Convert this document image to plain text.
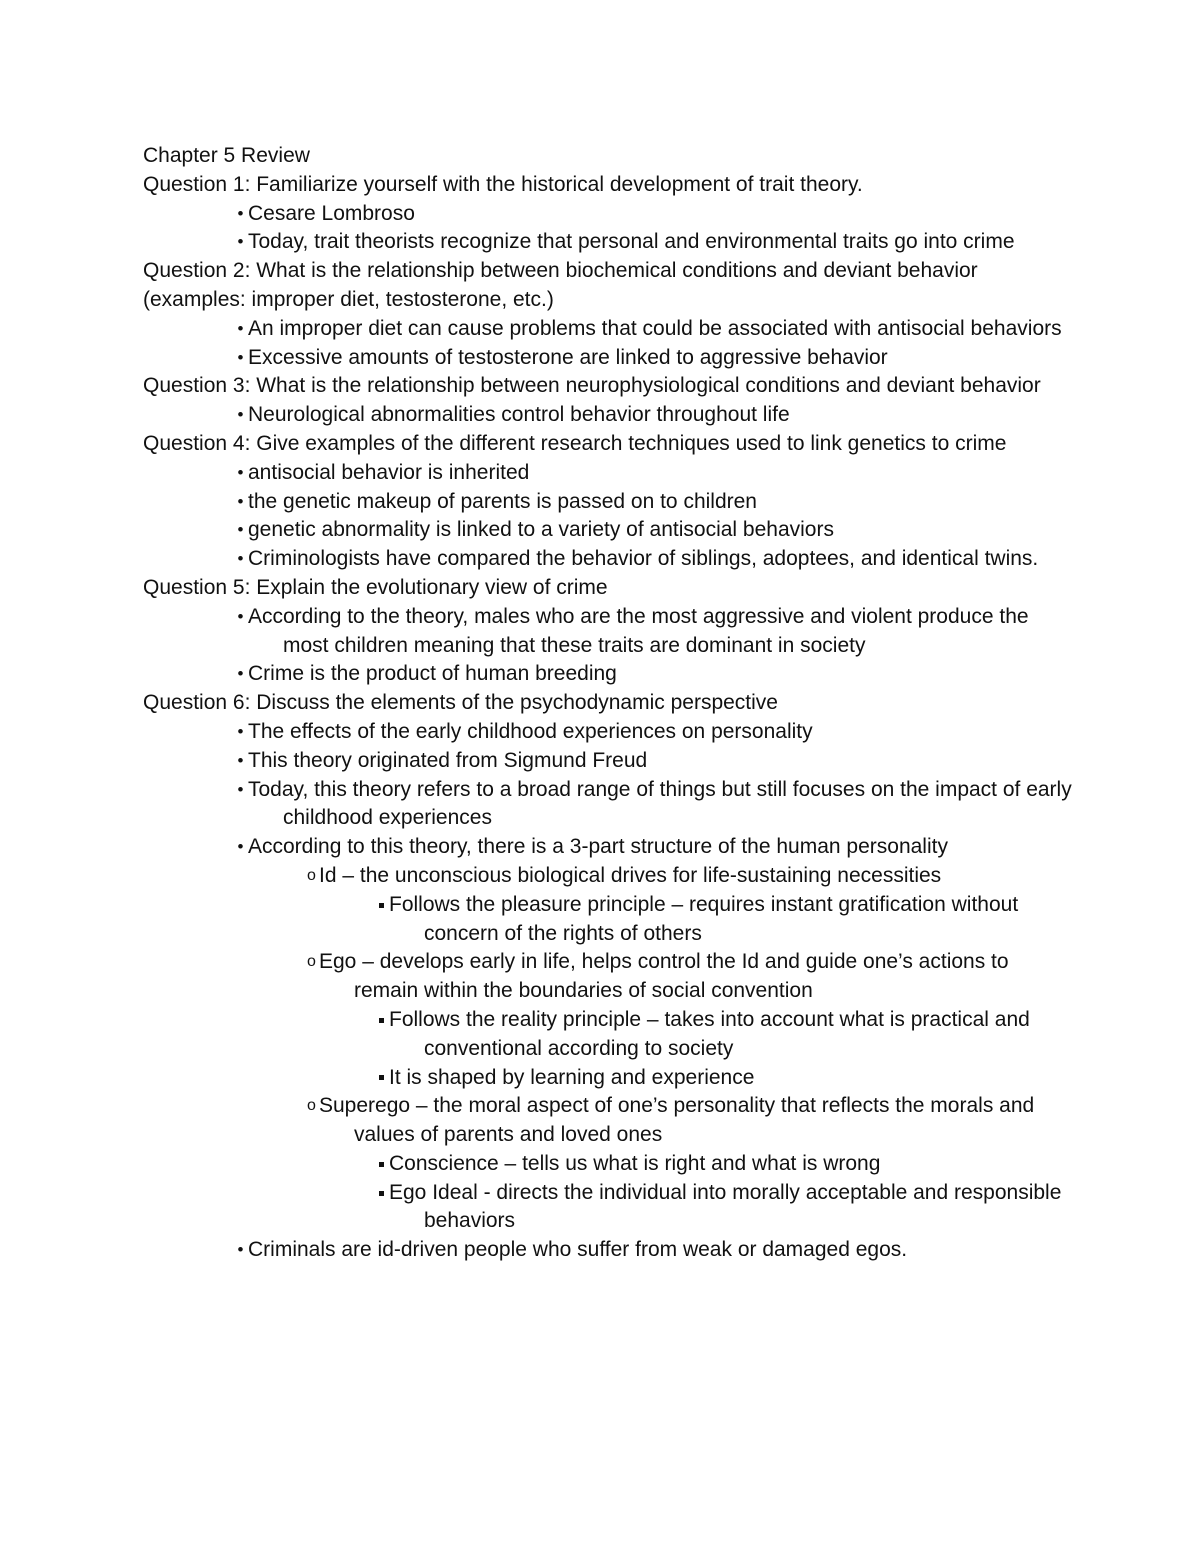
Chapter 5 Review

Question 1: Familiarize yourself with the historical development of trait theory.

• Cesare Lombroso
• Today, trait theorists recognize that personal and environmental traits go into crime

Question 2: What is the relationship between biochemical conditions and deviant behavior (examples: improper diet, testosterone, etc.)

• An improper diet can cause problems that could be associated with antisocial behaviors
• Excessive amounts of testosterone are linked to aggressive behavior

Question 3: What is the relationship between neurophysiological conditions and deviant behavior

• Neurological abnormalities control behavior throughout life

Question 4: Give examples of the different research techniques used to link genetics to crime

• antisocial behavior is inherited
• the genetic makeup of parents is passed on to children
• genetic abnormality is linked to a variety of antisocial behaviors
• Criminologists have compared the behavior of siblings, adoptees, and identical twins.

Question 5: Explain the evolutionary view of crime

• According to the theory, males who are the most aggressive and violent produce the most children meaning that these traits are dominant in society
• Crime is the product of human breeding

Question 6: Discuss the elements of the psychodynamic perspective

• The effects of the early childhood experiences on personality
• This theory originated from Sigmund Freud
• Today, this theory refers to a broad range of things but still focuses on the impact of early childhood experiences
• According to this theory, there is a 3-part structure of the human personality
o Id – the unconscious biological drives for life-sustaining necessities
Follows the pleasure principle – requires instant gratification without concern of the rights of others
o Ego – develops early in life, helps control the Id and guide one’s actions to remain within the boundaries of social convention
Follows the reality principle – takes into account what is practical and conventional according to society
It is shaped by learning and experience
o Superego – the moral aspect of one’s personality that reflects the morals and values of parents and loved ones
Conscience – tells us what is right and what is wrong
Ego Ideal - directs the individual into morally acceptable and responsible behaviors
• Criminals are id-driven people who suffer from weak or damaged egos.
